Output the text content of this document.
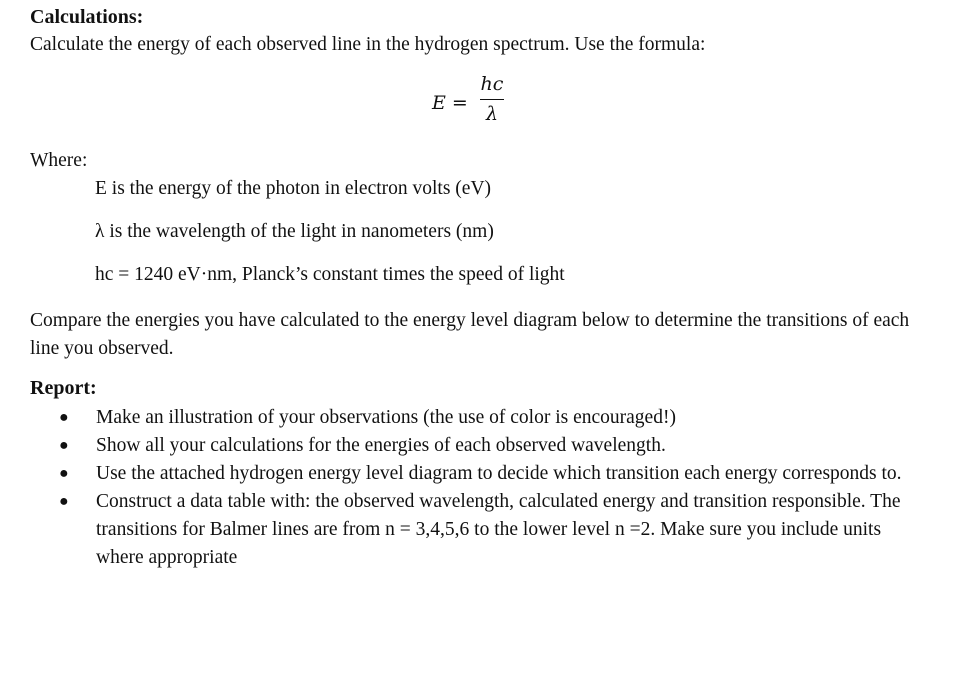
Calculations:
Calculate the energy of each observed line in the hydrogen spectrum. Use the formula:
E =
hc
λ
Where:
E is the energy of the photon in electron volts (eV)
λ is the wavelength of the light in nanometers (nm)
hc = 1240 eV·nm, Planck’s constant times the speed of light
Compare the energies you have calculated to the energy level diagram below to determine the transitions of each line you observed.
Report:
● Make an illustration of your observations (the use of color is encouraged!)
● Show all your calculations for the energies of each observed wavelength.
● Use the attached hydrogen energy level diagram to decide which transition each energy corresponds to.
● Construct a data table with: the observed wavelength, calculated energy and transition responsible. The transitions for Balmer lines are from n = 3,4,5,6 to the lower level n =2. Make sure you include units where appropriate
